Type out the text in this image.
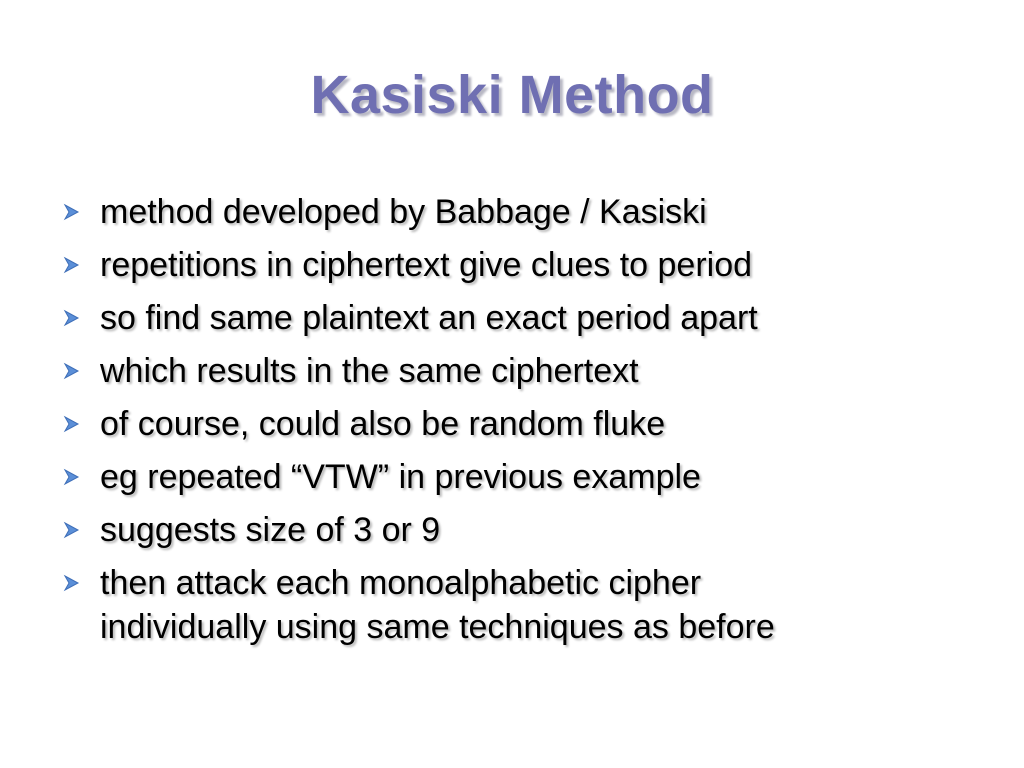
Kasiski Method
method developed by Babbage / Kasiski
repetitions in ciphertext give clues to period
so find same plaintext an exact period apart
which results in the same ciphertext
of course, could also be random fluke
eg repeated “VTW” in previous example
suggests size of 3 or 9
then attack each monoalphabetic cipher
individually using same techniques as before
